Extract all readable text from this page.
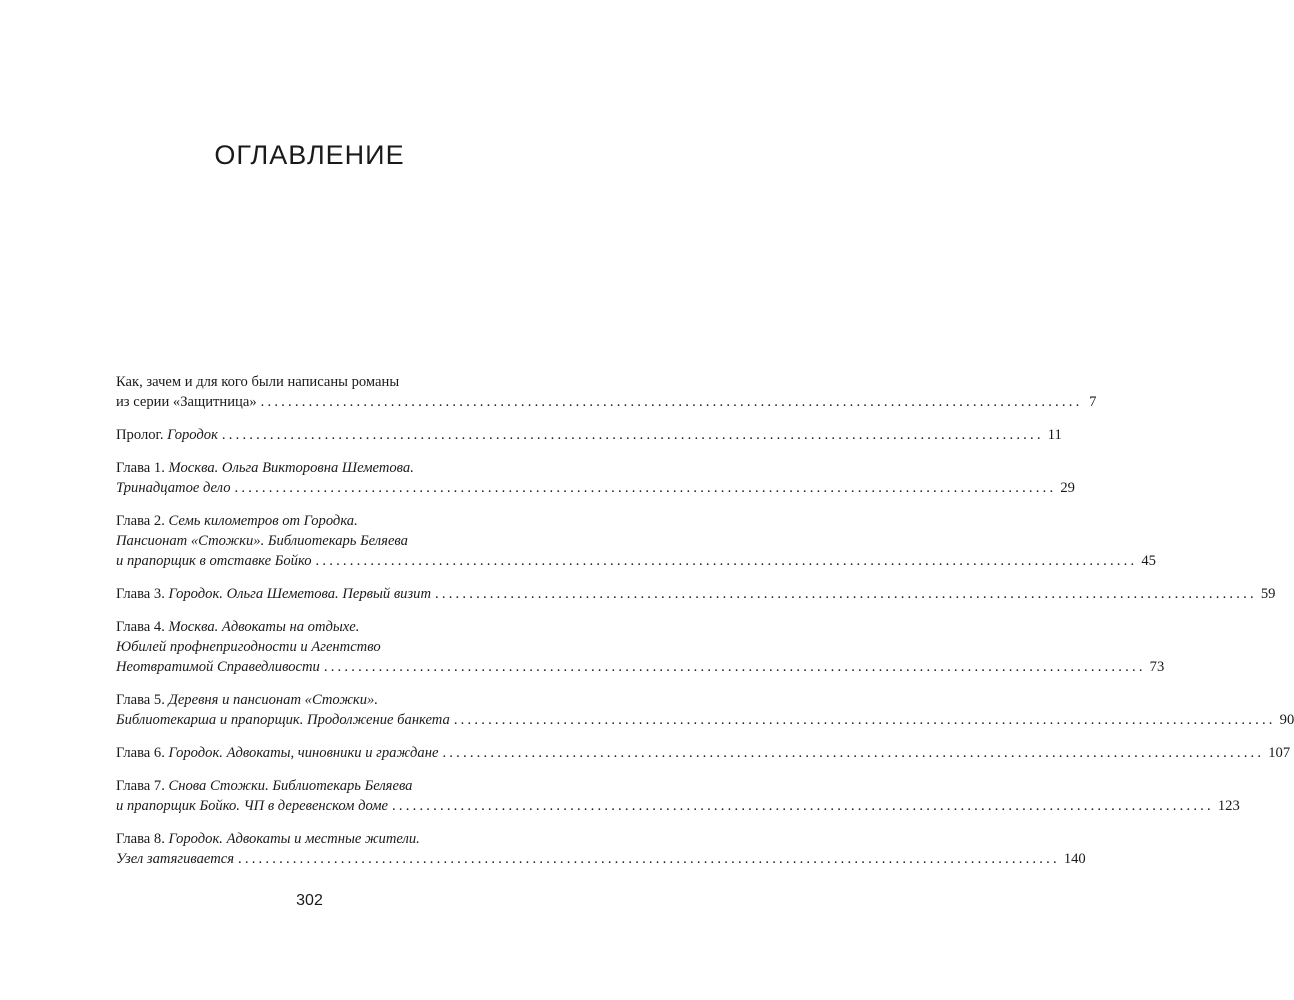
ОГЛАВЛЕНИЕ
Как, зачем и для кого были написаны романы
из серии «Защитница» ........................................................................................................................ 7
Пролог. Городок ........................................................................................................................ 11
Глава 1. Москва. Ольга Викторовна Шеметова.
Тринадцатое дело ........................................................................................................................ 29
Глава 2. Семь километров от Городка.
Пансионат «Стожки». Библиотекарь Беляева
и прапорщик в отставке Бойко ........................................................................................................................ 45
Глава 3. Городок. Ольга Шеметова. Первый визит ........................................................................................................................ 59
Глава 4. Москва. Адвокаты на отдыхе.
Юбилей профнепригодности и Агентство
Неотвратимой Справедливости ........................................................................................................................ 73
Глава 5. Деревня и пансионат «Стожки».
Библиотекарша и прапорщик. Продолжение банкета ........................................................................................................................ 90
Глава 6. Городок. Адвокаты, чиновники и граждане ........................................................................................................................ 107
Глава 7. Снова Стожки. Библиотекарь Беляева
и прапорщик Бойко. ЧП в деревенском доме ........................................................................................................................ 123
Глава 8. Городок. Адвокаты и местные жители.
Узел затягивается ........................................................................................................................ 140
302
